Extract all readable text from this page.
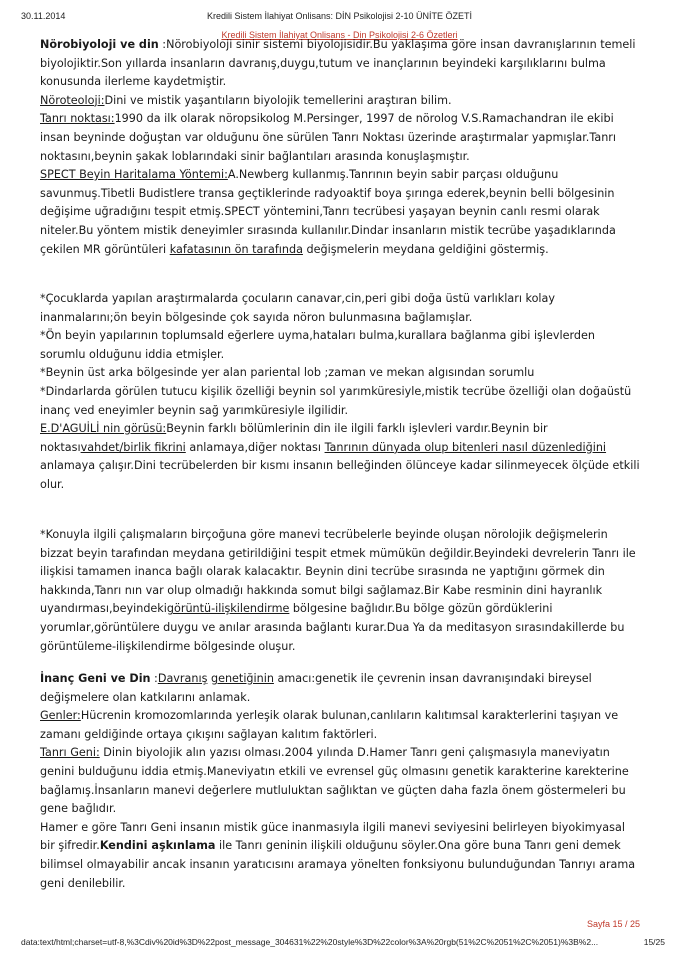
30.11.2014	Kredili Sistem İlahiyat Onlisans: DİN Psikolojisi 2-10 ÜNİTE ÖZETİ
Kredili Sistem İlahiyat Onlisans - Din Psikolojisi 2-6 Özetleri

Nörobiyoloji ve din :Nörobiyoloji sinir sistemi biyolojisidir.Bu yaklaşıma göre insan davranışlarının temeli biyolojiktir.Son yıllarda insanların davranış,duygu,tutum ve inançlarının beyindeki karşılıklarını bulma konusunda ilerleme kaydetmiştir.

Nöroteoloji:Dini ve mistik yaşantıların biyolojik temellerini araştıran bilim.

Tanrı noktası:1990 da ilk olarak nöropsikolog M.Persinger, 1997 de nörolog V.S.Ramachandran ile ekibi insan beyninde doğuştan var olduğunu öne sürülen Tanrı Noktası üzerinde araştırmalar yapmışlar.Tanrı noktasını,beynin şakak loblarındaki sinir bağlantıları arasında konuşlaşmıştır.

SPECT Beyin Haritalama Yöntemi:A.Newberg kullanmış.Tanrının beyin sabir parçası olduğunu savunmuş.Tibetli Budistlere transa geçtiklerinde radyoaktif boya şırınga ederek,beynin belli bölgesinin değişime uğradığını tespit etmiş.SPECT yöntemini,Tanrı tecrübesi yaşayan beynin canlı resmi olarak niteler.Bu yöntem mistik deneyimler sırasında kullanılır.Dindar insanların mistik tecrübe yaşadıklarında çekilen MR görüntüleri kafatasının ön tarafında değişmelerin meydana geldiğini göstermiş.

*Çocuklarda yapılan araştırmalarda çocuların canavar,cin,peri gibi doğa üstü varlıkları kolay inanmalarını;ön beyin bölgesinde çok sayıda nöron bulunmasına bağlamışlar.

*Ön beyin yapılarının toplumsald eğerlere uyma,hataları bulma,kurallara bağlanma gibi işlevlerden sorumlu olduğunu iddia etmişler.

*Beynin üst arka bölgesinde yer alan pariental lob ;zaman ve mekan algısından sorumlu

*Dindarlarda görülen tutucu kişilik özelliği beynin sol yarımküresiyle,mistik tecrübe özelliği olan doğaüstü inanç ved eneyimler beynin sağ yarımküresiyle ilgilidir.

E.D'AGUİLİ nin görüsü:Beynin farklı bölümlerinin din ile ilgili farklı işlevleri vardır.Beynin bir noktasıvahdet/birlik fikrini anlamaya,diğer noktası Tanrının dünyada olup bitenleri nasıl düzenlediğini anlamaya çalışır.Dini tecrübelerden bir kısmı insanın belleğinden ölünceye kadar silinmeyecek ölçüde etkili olur.

*Konuyla ilgili çalışmaların birçoğuna göre manevi tecrübelerle beyinde oluşan nörolojik değişmelerin bizzat beyin tarafından meydana getirildiğini tespit etmek mümükün değildir.Beyindeki devrelerin Tanrı ile ilişkisi tamamen inanca bağlı olarak kalacaktır. Beynin dini tecrübe sırasında ne yaptığını görmek din hakkında,Tanrı nın var olup olmadığı hakkında somut bilgi sağlamaz.Bir Kabe resminin dini hayranlık uyandırması,beyindekigörüntü-ilişkilendirme bölgesine bağlıdır.Bu bölge gözün gördüklerini yorumlar,görüntülere duygu ve anılar arasında bağlantı kurar.Dua Ya da meditasyon sırasındakillerde bu görüntüleme-ilişkilendirme bölgesinde oluşur.

İnanç Geni ve Din :Davranış genetiğinin amacı:genetik ile çevrenin insan davranışındaki bireysel değişmelere olan katkılarını anlamak.

Genler:Hücrenin kromozomlarında yerleşik olarak bulunan,canlıların kalıtımsal karakterlerini taşıyan ve zamanı geldiğinde ortaya çıkışını sağlayan kalıtım faktörleri.

Tanrı Geni: Dinin biyolojik alın yazısı olması.2004 yılında D.Hamer Tanrı geni çalışmasıyla maneviyatın genini bulduğunu iddia etmiş.Maneviyatın etkili ve evrensel güç olmasını genetik karakterine karekterine bağlamış.İnsanların manevi değerlere mutluluktan sağlıktan ve güçten daha fazla önem göstermeleri bu gene bağlıdır.

Hamer e göre Tanrı Geni insanın mistik güce inanmasıyla ilgili manevi seviyesini belirleyen biyokimyasal bir şifredir.Kendini aşkınlama ile Tanrı geninin ilişkili olduğunu söyler.Ona göre buna Tanrı geni demek bilimsel olmayabilir ancak insanın yaratıcısını aramaya yönelten fonksiyonu bulunduğundan Tanrıyı arama geni denilebilir.

Sayfa 15 / 25
data:text/html;charset=utf-8,%3Cdiv%20id%3D%22post_message_304631%22%20style%3D%22color%3A%20rgb(51%2C%2051%2C%2051)%3B%2...	15/25
